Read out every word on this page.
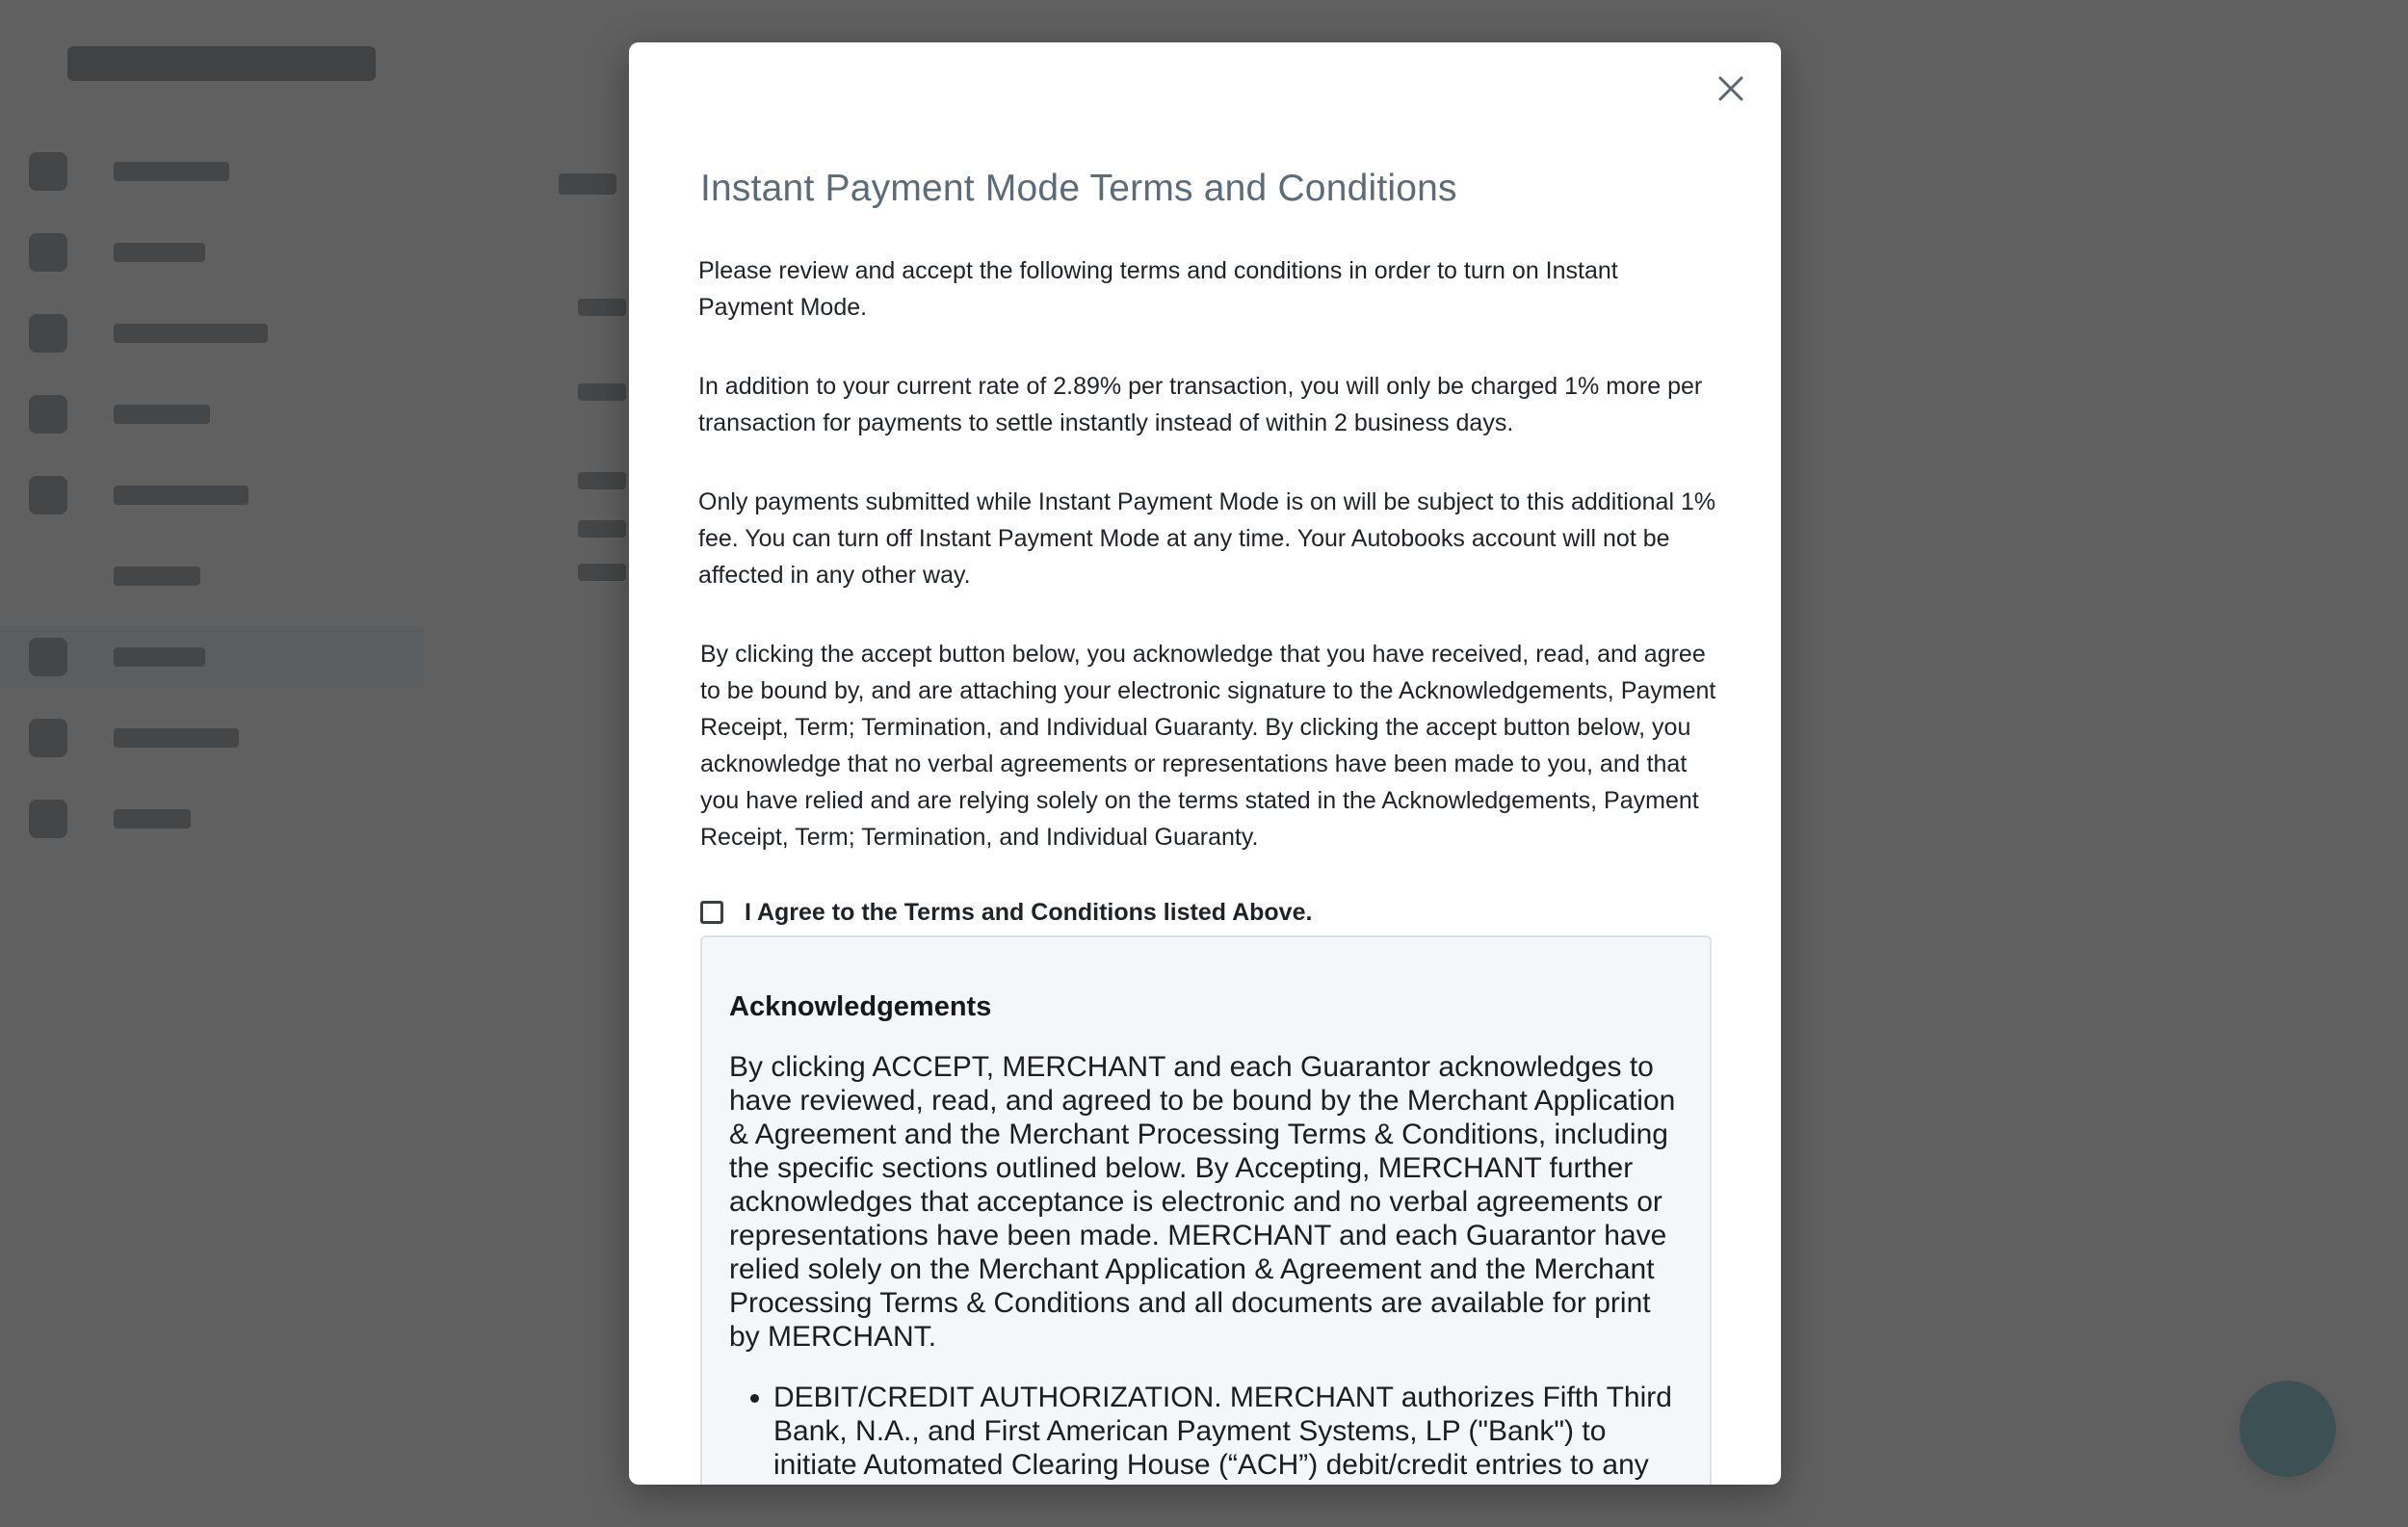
Instant Payment Mode Terms and Conditions

Please review and accept the following terms and conditions in order to turn on Instant Payment Mode.

In addition to your current rate of 2.89% per transaction, you will only be charged 1% more per transaction for payments to settle instantly instead of within 2 business days.

Only payments submitted while Instant Payment Mode is on will be subject to this additional 1% fee. You can turn off Instant Payment Mode at any time. Your Autobooks account will not be affected in any other way.

By clicking the accept button below, you acknowledge that you have received, read, and agree to be bound by, and are attaching your electronic signature to the Acknowledgements, Payment Receipt, Term; Termination, and Individual Guaranty. By clicking the accept button below, you acknowledge that no verbal agreements or representations have been made to you, and that you have relied and are relying solely on the terms stated in the Acknowledgements, Payment Receipt, Term; Termination, and Individual Guaranty.

I Agree to the Terms and Conditions listed Above.
Acknowledgements

By clicking ACCEPT, MERCHANT and each Guarantor acknowledges to have reviewed, read, and agreed to be bound by the Merchant Application & Agreement and the Merchant Processing Terms & Conditions, including the specific sections outlined below. By Accepting, MERCHANT further acknowledges that acceptance is electronic and no verbal agreements or representations have been made. MERCHANT and each Guarantor have relied solely on the Merchant Application & Agreement and the Merchant Processing Terms & Conditions and all documents are available for print by MERCHANT.

• DEBIT/CREDIT AUTHORIZATION. MERCHANT authorizes Fifth Third Bank, N.A., and First American Payment Systems, LP ("Bank") to initiate Automated Clearing House (“ACH”) debit/credit entries to any
